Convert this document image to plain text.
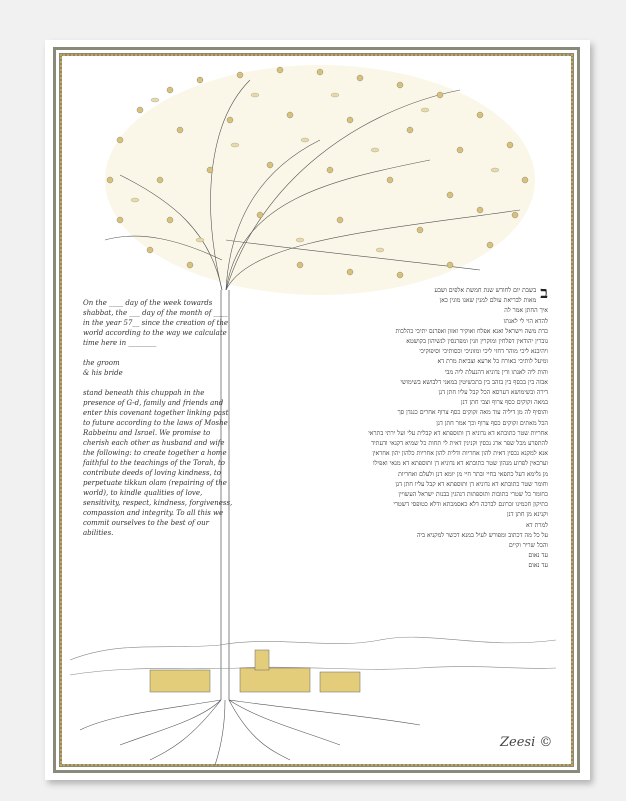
On the ____ day of the week towards shabbat, the ___ day of the month of ____ in the year 57__ since the creation of the world according to the way we calculate time here in ________

the groom

& his bride

stand beneath this chuppah in the presence of G-d, family and friends and enter this covenant together linking past to future according to the laws of Moshe Rabbeinu and Israel. We promise to cherish each other as husband and wife the following: to create together a home faithful to the teachings of the Torah, to contribute deeds of loving kindness, to perpetuate tikkun olam (repairing of the world), to kindle qualities of love, sensitivity, respect, kindness, forgiveness, compassion and integrity. To all this we commit ourselves to the best of our abilities.

ב
בשבת יום לחודש שנת חמשת אלפים ושבע
מאות לבריאת עולם למנין שאנו מונין כאן
איך החתן אמר לה
להדא הוי לי לאנתו
כדת משה וישראל ואנא אפלח ואוקיר ואזון ואפרנס יתיכי כהלכות
גוברין יהודאין דפלחין ומוקרין וזנין ומפרנסין לנשיהון בקושטא
ויהיבנא ליכי מוהר דחזי ליכי ומזוניכי וכסותיכי וסיפוקיכי
ומיעל לותיכי כאורח כל ארעא וצביאת מרת דא
והות ליה לאנתו ודין נדוניא דהנעלת ליה מבי
אבוה בין בכסף בין בזהב בין בתכשיטין במאני דלבושא בשימושי
דירה ובשימושא דערסא הכל קבל עליו חתן דנן
במאה זקוקים כסף צרוף וצבי חתן דנן
והוסיף לה מן דיליה עוד מאה זקוקים כסף צרוף אחרים כנגדן סך
הכל מאתים זקוקים כסף צרוף וכך אמר חתן דנן
אחריות שטר כתובתא דא נדוניא דן ותוספתא דא קבלית עלי ועל ירתי בתראי
להתפרע מכל שפר ארג נכסין וקנינין דאית לי תחות כל שמיא דקנאי ודעתיד
אנא למקנא נכסין דאית להון אחריות ודלית להון אחריות כלהון יהון אחראין
וערבאין לפרוע מנהון שטר כתובתא דא נדוניא דן ותוספתא דא מנאי ואפילו
מן גלימא דעל כתפאי בחיי ובתר חיי מן יומא דנן ולעלם ואחריות
וחומר שטר כתובתא דא נדוניא דן ותוספתא דא קבל עליו חתן דנן
כחומר כל שטרי כתובות ותוספתות דנהגין בבנות ישראל העשויין
כתיקון חכמינו זכרונם לברכה דלא כאסמכתא ודלא כטופסי דשטרי
וקנינא מן חתן דנן
למרת דא
על כל מה דכתוב ומפורש לעיל במנא דכשר למקניא ביה
והכל שריר וקיים
עד נאום
עד נאום
Zeesi ©
